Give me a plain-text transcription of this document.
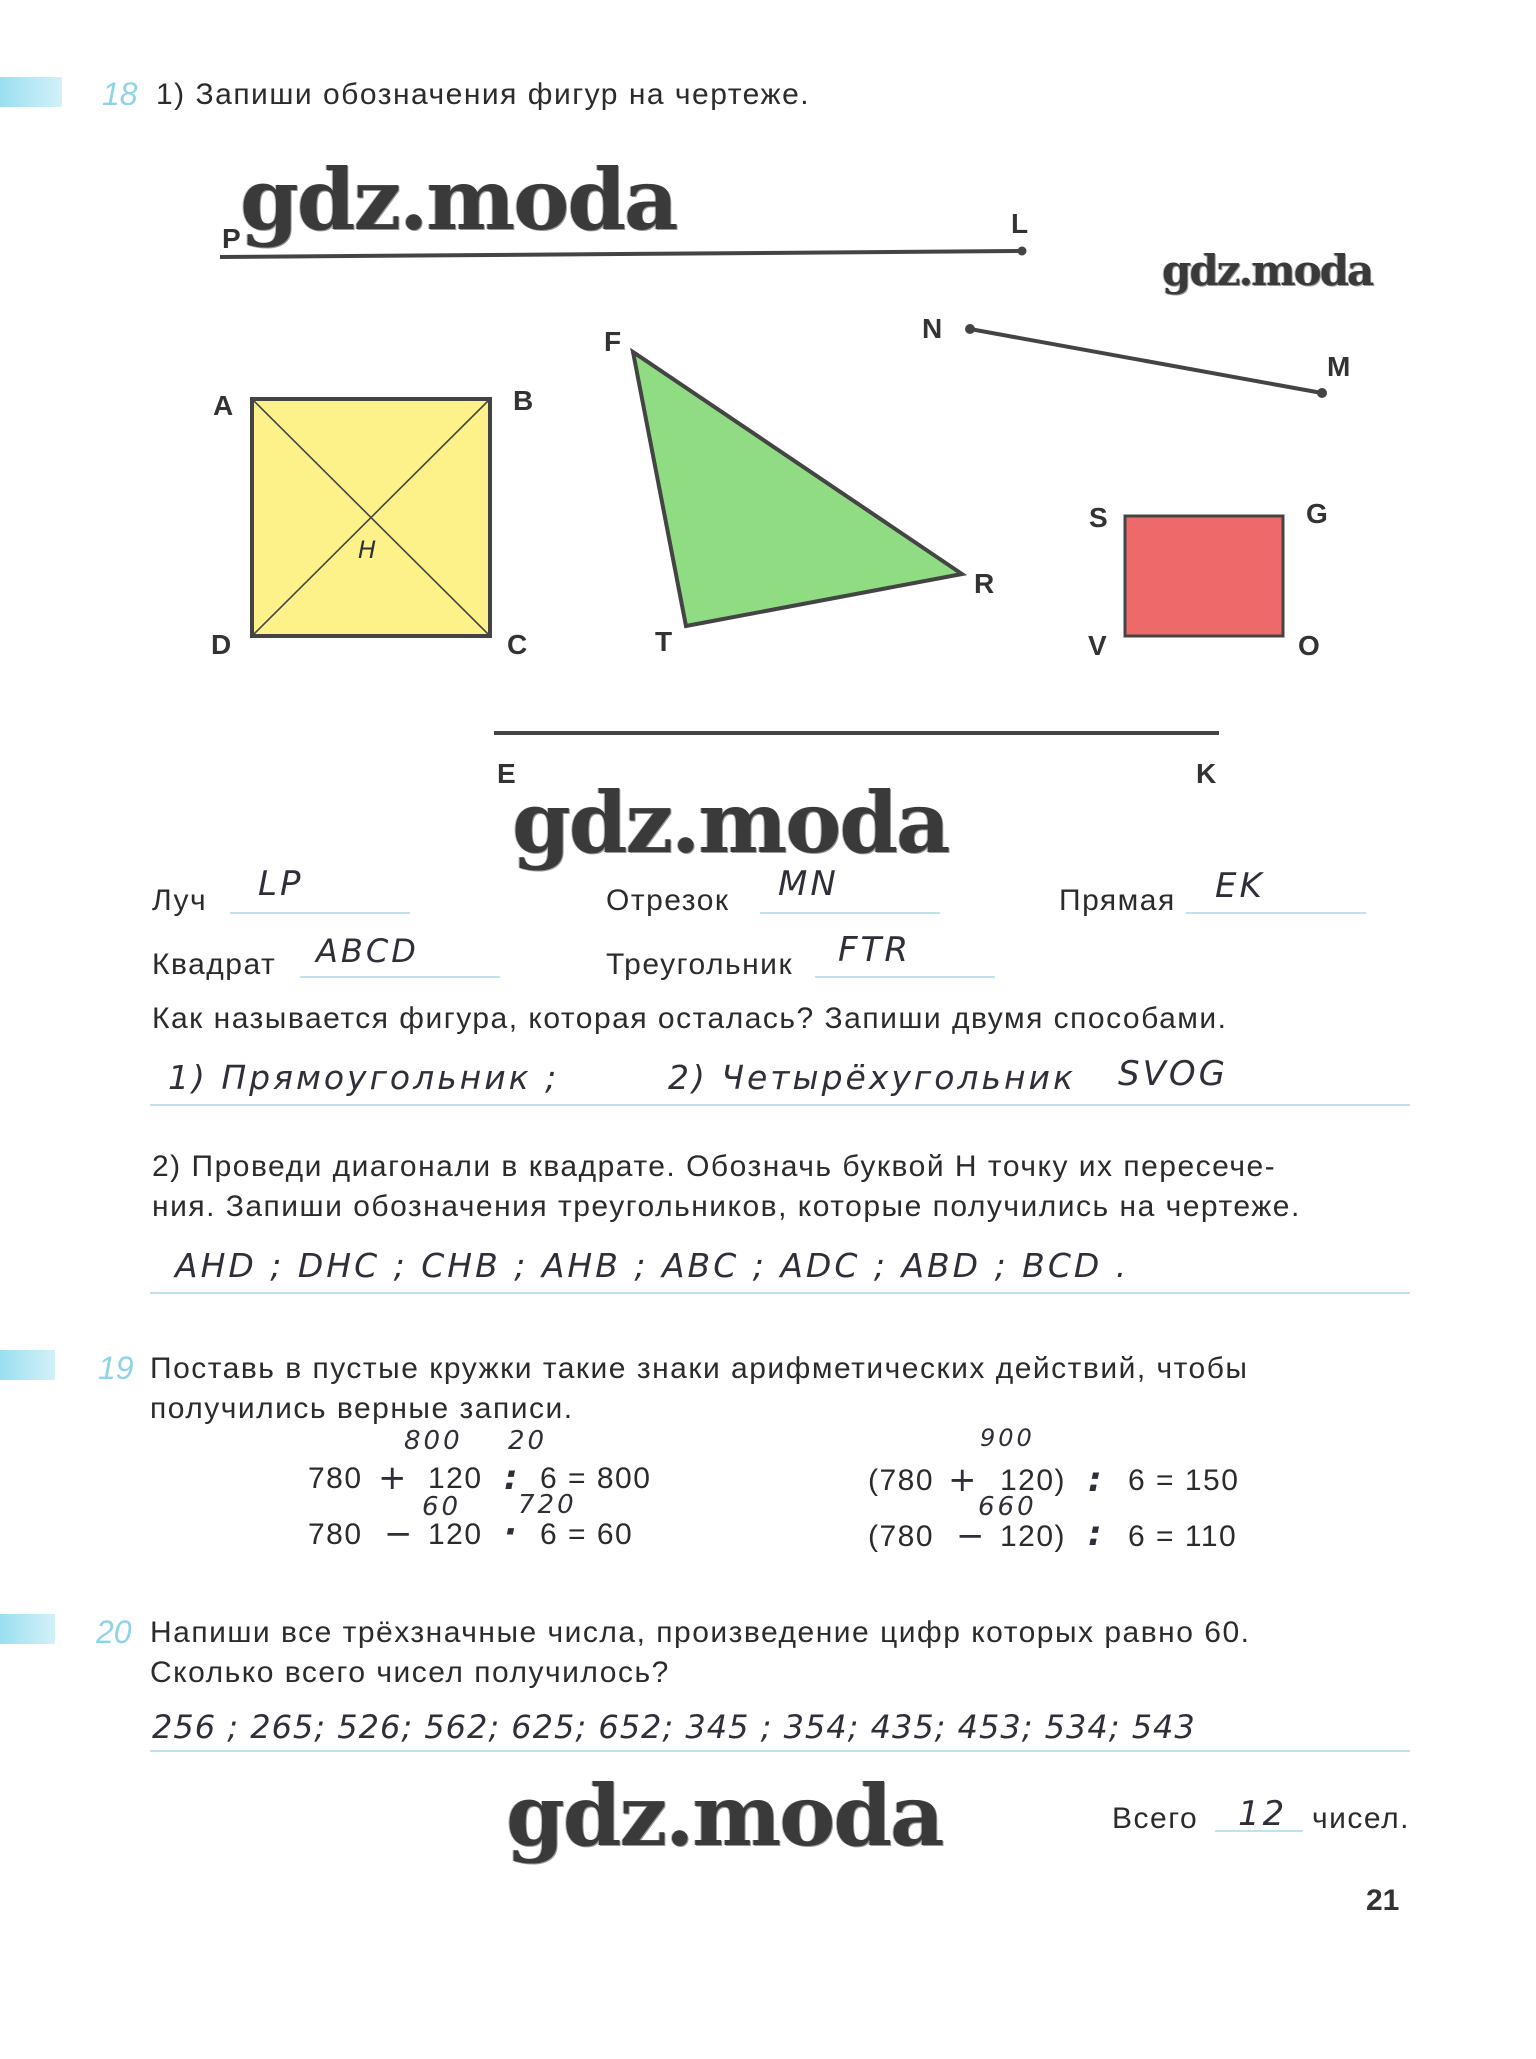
18 1) Запиши обозначения фигур на чертеже.
gdz.moda
gdz.moda
P	L
N
M
F
R
T
A	B
C
D
H
S	G
O
V
E	K
gdz.moda
Луч LP	Отрезок MN	Прямая EK
Квадрат ABCD	Треугольник FTR
Как называется фигура, которая осталась? Запиши двумя способами.
1) Прямоугольник ;	2) Четырёхугольник SVOG
2) Проведи диагонали в квадрате. Обозначь буквой Н точку их пересече-
ния. Запиши обозначения треугольников, которые получились на чертеже.
AHD ; DHC ; CHB ; AHB ; ABC ; ADC ; ABD ; BCD .
19 Поставь в пустые кружки такие знаки арифметических действий, чтобы
получились верные записи.
800 20
780 + 120 : 6 = 800
60 720
780 − 120 · 6 = 60
900
(780 + 120) : 6 = 150
660
(780 − 120) : 6 = 110
20 Напиши все трёхзначные числа, произведение цифр которых равно 60.
Сколько всего чисел получилось?
256 ; 265; 526; 562; 625; 652; 345 ; 354; 435; 453; 534; 543
gdz.moda	Всего 12 чисел.
21
